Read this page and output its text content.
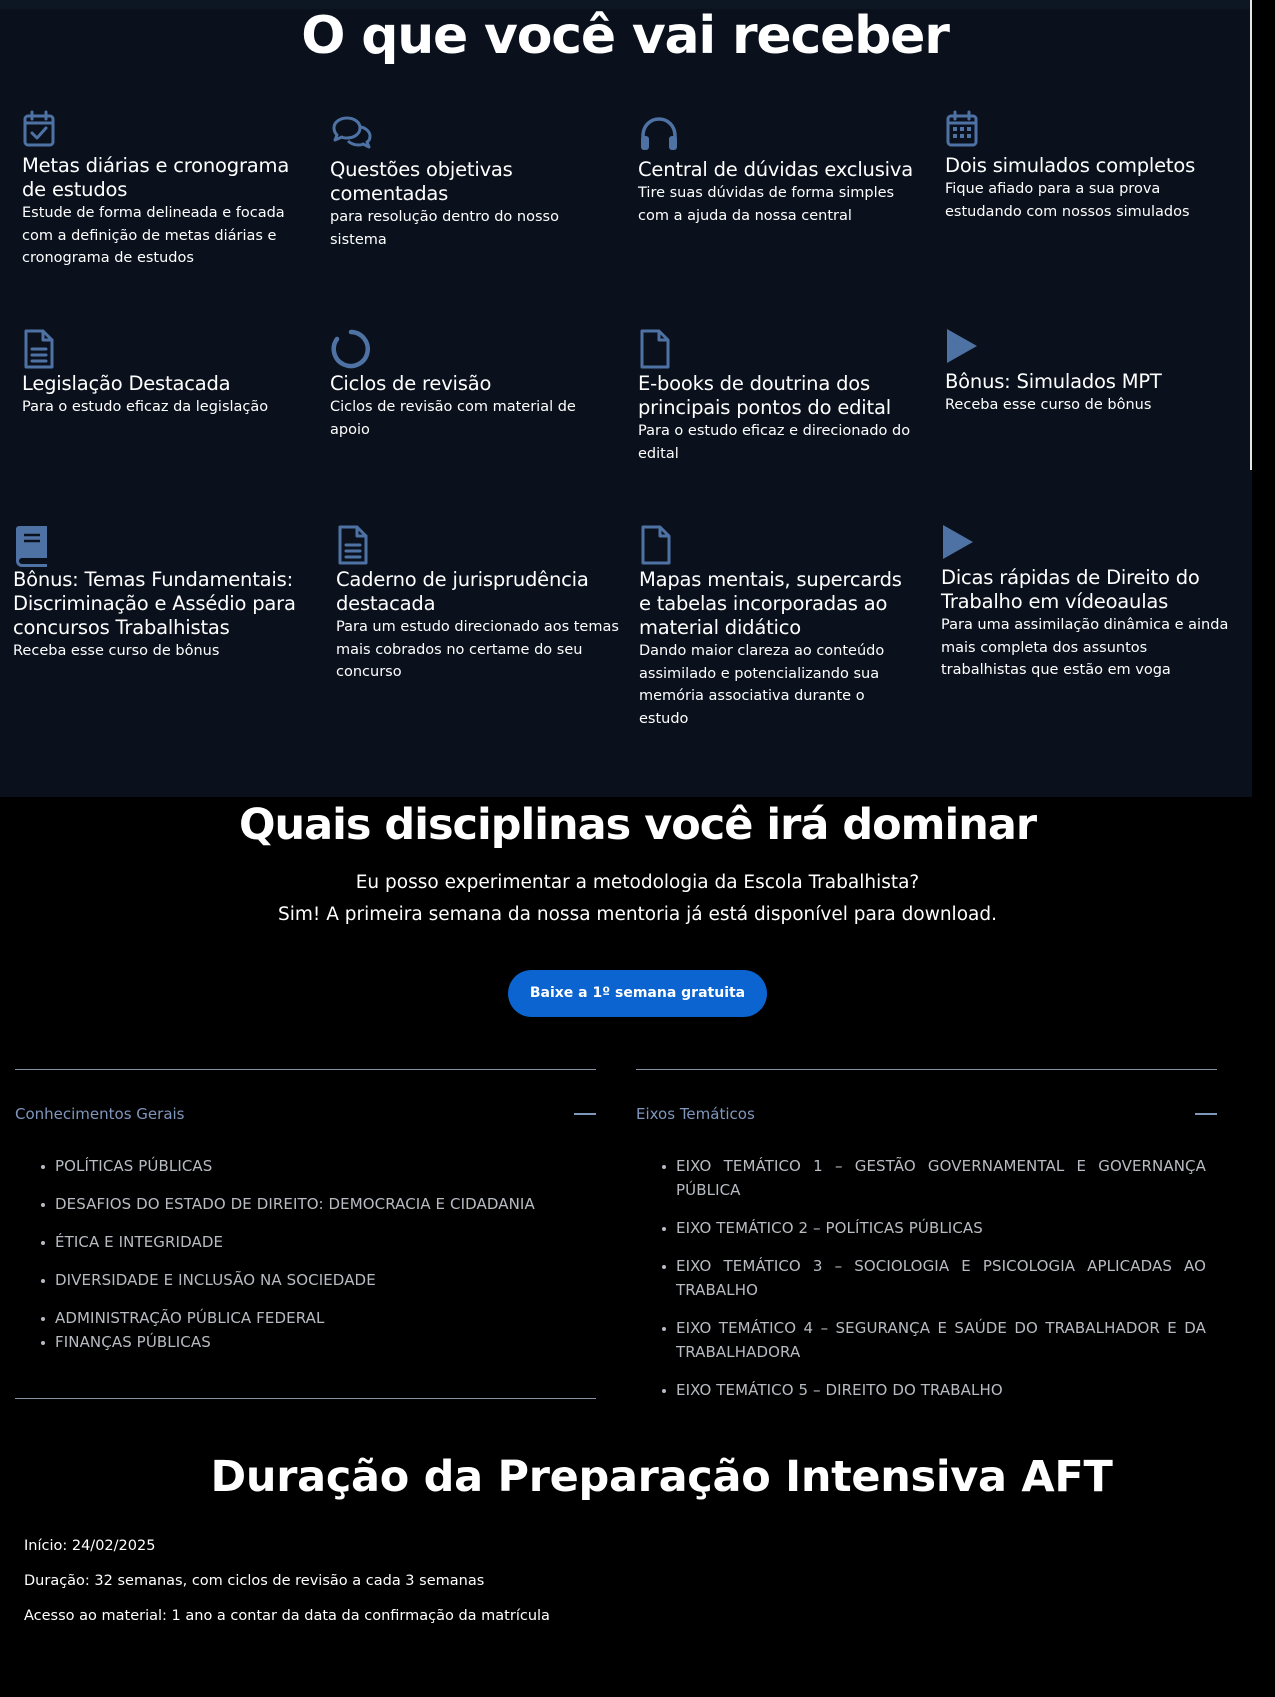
O que você vai receber
Metas diárias e cronograma de estudos

Estude de forma delineada e focada com a definição de metas diárias e cronograma de estudos

Questões objetivas comentadas

para resolução dentro do nosso sistema

Central de dúvidas exclusiva

Tire suas dúvidas de forma simples com a ajuda da nossa central

Dois simulados completos

Fique afiado para a sua prova estudando com nossos simulados

Legislação Destacada

Para o estudo eficaz da legislação

Ciclos de revisão

Ciclos de revisão com material de apoio

E-books de doutrina dos principais pontos do edital

Para o estudo eficaz e direcionado do edital

Bônus: Simulados MPT

Receba esse curso de bônus

Bônus: Temas Fundamentais: Discriminação e Assédio para concursos Trabalhistas

Receba esse curso de bônus

Caderno de jurisprudência destacada

Para um estudo direcionado aos temas mais cobrados no certame do seu concurso

Mapas mentais, supercards e tabelas incorporadas ao material didático

Dando maior clareza ao conteúdo assimilado e potencializando sua memória associativa durante o estudo

Dicas rápidas de Direito do Trabalho em vídeoaulas

Para uma assimilação dinâmica e ainda mais completa dos assuntos trabalhistas que estão em voga

Quais disciplinas você irá dominar

Eu posso experimentar a metodologia da Escola Trabalhista?

Sim! A primeira semana da nossa mentoria já está disponível para download.

Baixe a 1º semana gratuita
Conhecimentos Gerais
POLÍTICAS PÚBLICAS
DESAFIOS DO ESTADO DE DIREITO: DEMOCRACIA E CIDADANIA
ÉTICA E INTEGRIDADE
DIVERSIDADE E INCLUSÃO NA SOCIEDADE
ADMINISTRAÇÃO PÚBLICA FEDERAL
FINANÇAS PÚBLICAS
Eixos Temáticos
EIXO TEMÁTICO 1 – GESTÃO GOVERNAMENTAL E GOVERNANÇA PÚBLICA
EIXO TEMÁTICO 2 – POLÍTICAS PÚBLICAS
EIXO TEMÁTICO 3 – SOCIOLOGIA E PSICOLOGIA APLICADAS AO TRABALHO
EIXO TEMÁTICO 4 – SEGURANÇA E SAÚDE DO TRABALHADOR E DA TRABALHADORA
EIXO TEMÁTICO 5 – DIREITO DO TRABALHO
Duração da Preparação Intensiva AFT

Início: 24/02/2025

Duração: 32 semanas, com ciclos de revisão a cada 3 semanas

Acesso ao material: 1 ano a contar da data da confirmação da matrícula
